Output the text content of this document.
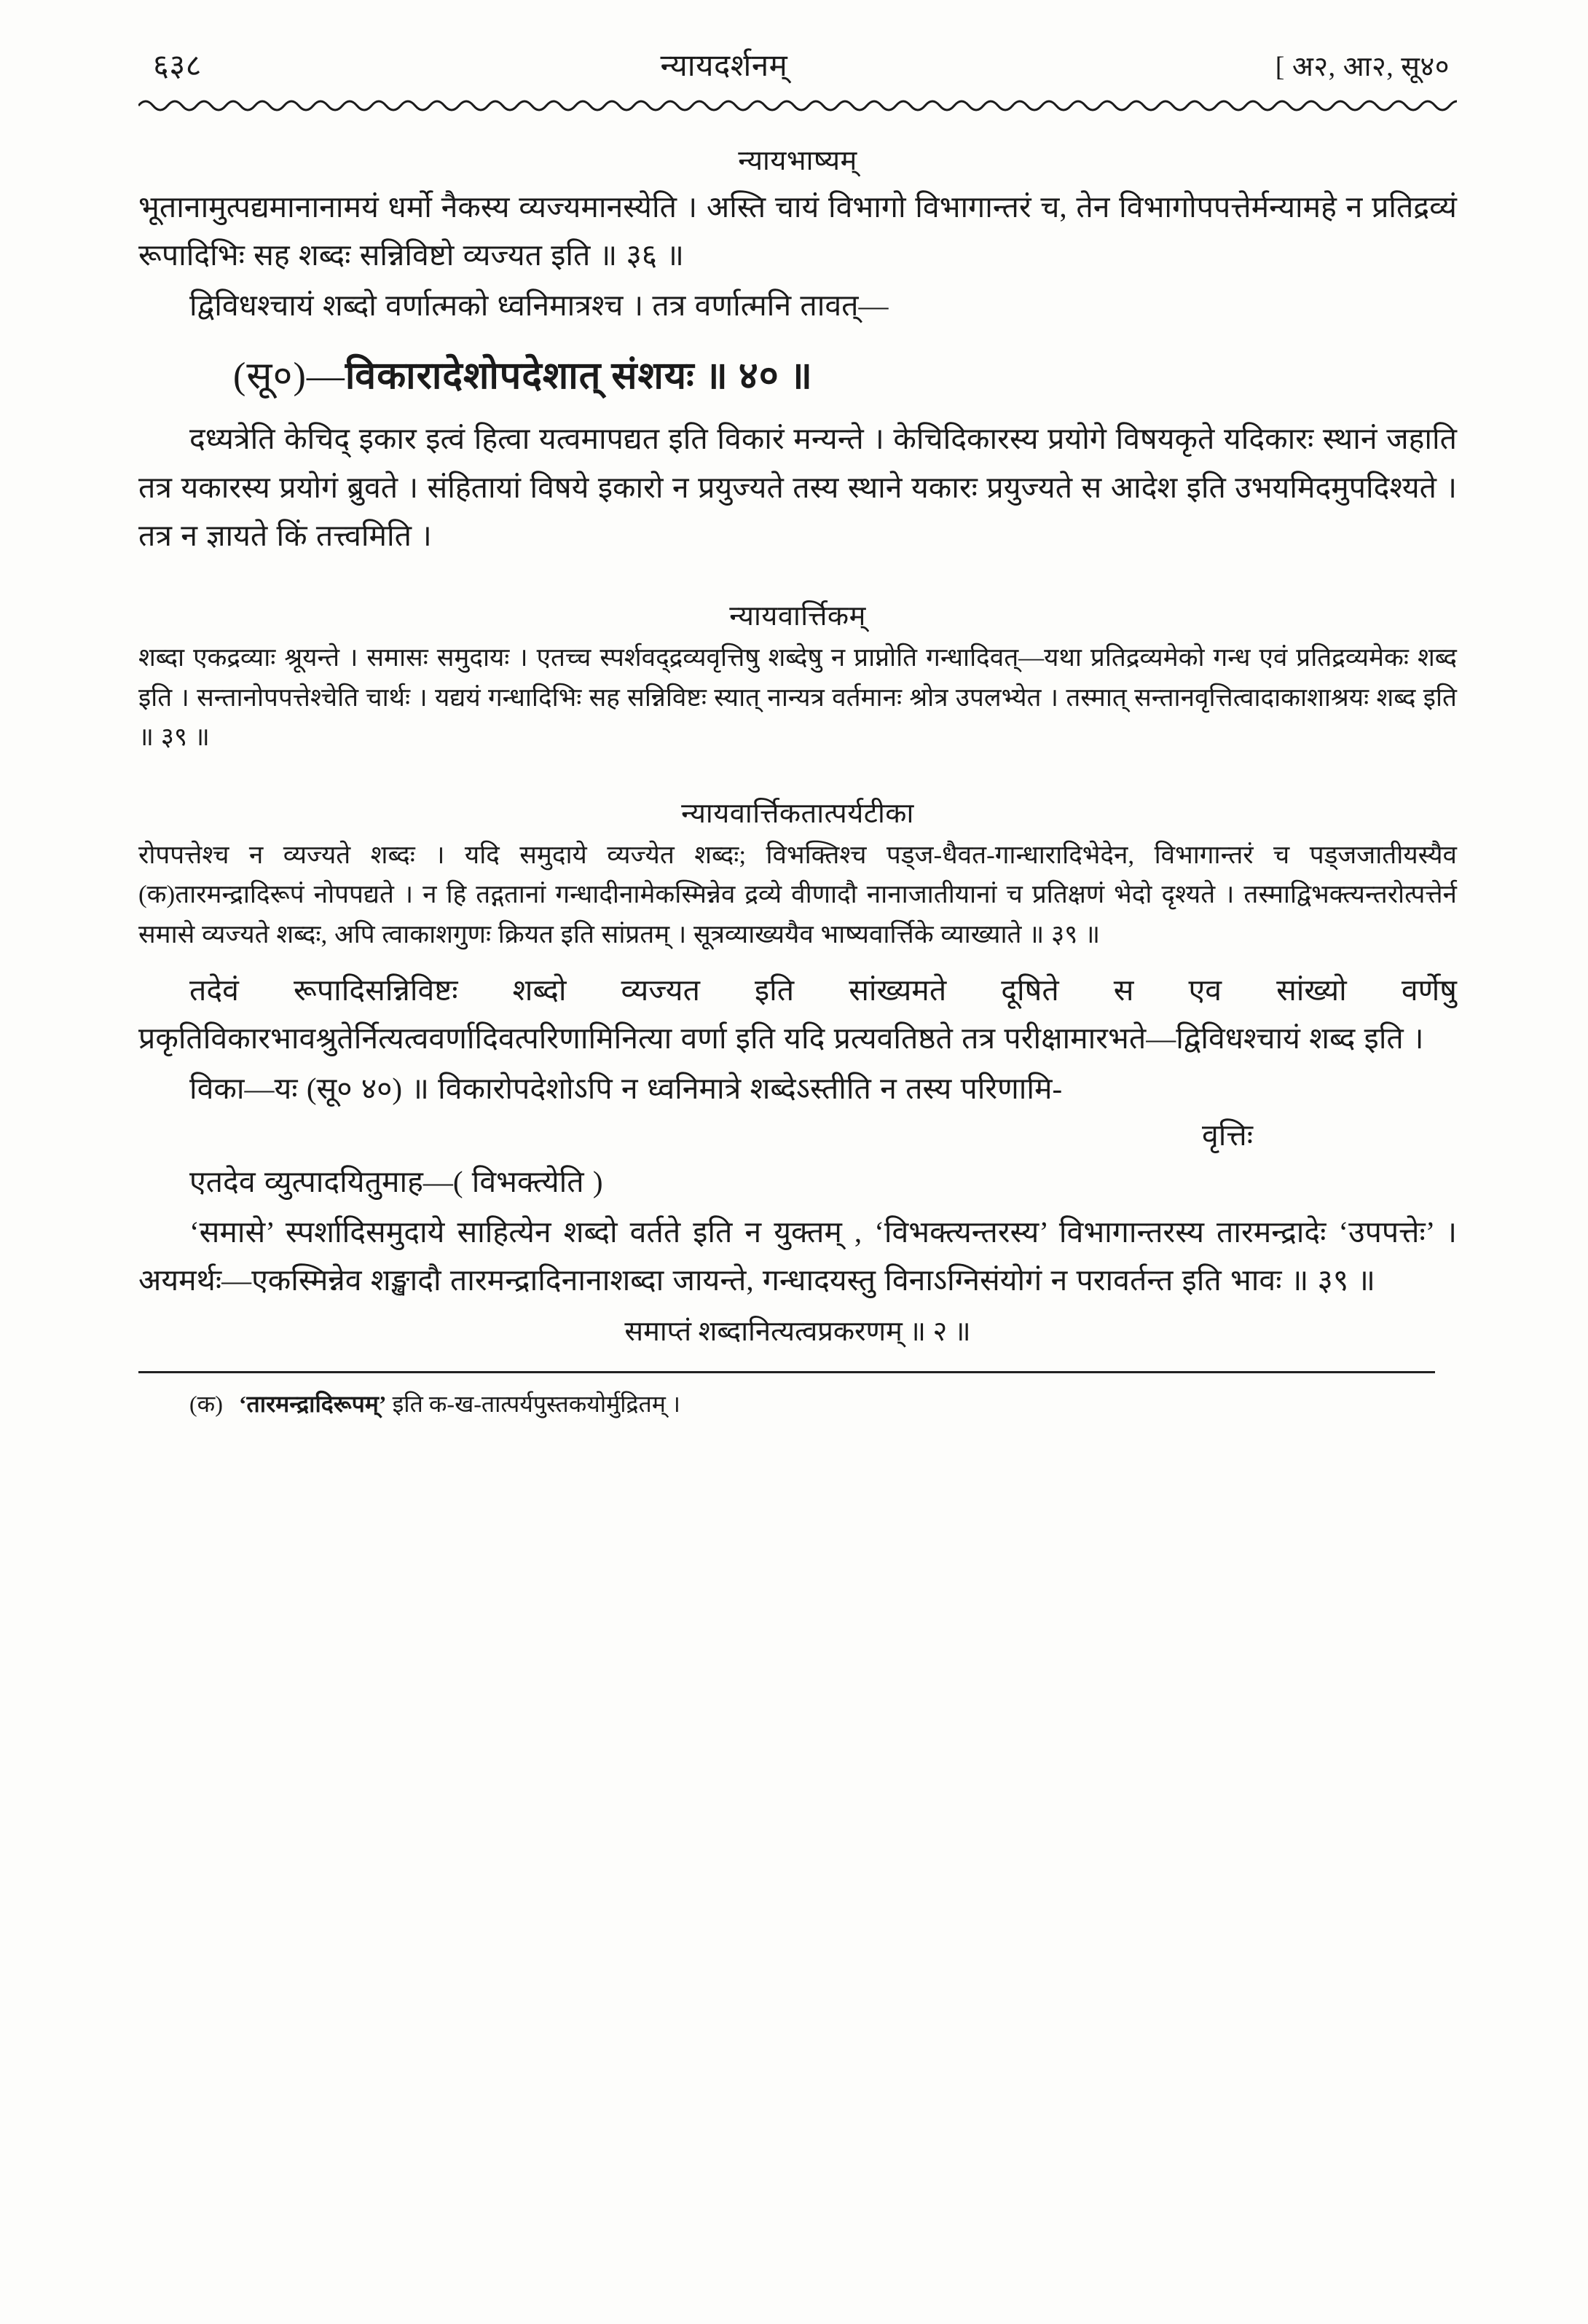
६३८	न्यायदर्शनम्	[ अ२, आ२, सू४०
न्यायभाष्यम्

भूतानामुत्पद्यमानानामयं धर्मो नैकस्य व्यज्यमानस्येति । अस्ति चायं विभागो विभागान्तरं च, तेन विभागोपपत्तेर्मन्यामहे न प्रतिद्रव्यं रूपादिभिः सह शब्दः सन्निविष्टो व्यज्यत इति ॥ ३६ ॥

द्विविधश्चायं शब्दो वर्णात्मको ध्वनिमात्रश्च । तत्र वर्णात्मनि तावत्—

(सू०)—विकारादेशोपदेशात् संशयः ॥ ४० ॥

दध्यत्रेति केचिद् इकार इत्वं हित्वा यत्वमापद्यत इति विकारं मन्यन्ते । केचिदिकारस्य प्रयोगे विषयकृते यदिकारः स्थानं जहाति तत्र यकारस्य प्रयोगं ब्रुवते । संहितायां विषये इकारो न प्रयुज्यते तस्य स्थाने यकारः प्रयुज्यते स आदेश इति उभयमिदमुपदिश्यते । तत्र न ज्ञायते किं तत्त्वमिति ।

न्यायवार्त्तिकम्

शब्दा एकद्रव्याः श्रूयन्ते । समासः समुदायः । एतच्च स्पर्शवद्द्रव्यवृत्तिषु शब्देषु न प्राप्नोति गन्धादिवत्—यथा प्रतिद्रव्यमेको गन्ध एवं प्रतिद्रव्यमेकः शब्द इति । सन्तानोपपत्तेश्चेति चार्थः । यद्ययं गन्धादिभिः सह सन्निविष्टः स्यात् नान्यत्र वर्तमानः श्रोत्र उपलभ्येत । तस्मात् सन्तानवृत्तित्वादाकाशाश्रयः शब्द इति ॥ ३९ ॥

न्यायवार्त्तिकतात्पर्यटीका

रोपपत्तेश्च न व्यज्यते शब्दः । यदि समुदाये व्यज्येत शब्दः; विभक्तिश्च पड्ज-धैवत-गान्धारादिभेदेन, विभागान्तरं च पड्जजातीयस्यैव (क)तारमन्द्रादिरूपं नोपपद्यते । न हि तद्गतानां गन्धादीनामेकस्मिन्नेव द्रव्ये वीणादौ नानाजातीयानां च प्रतिक्षणं भेदो दृश्यते । तस्माद्विभक्त्यन्तरोत्पत्तेर्न समासे व्यज्यते शब्दः, अपि त्वाकाशगुणः क्रियत इति सांप्रतम् । सूत्रव्याख्ययैव भाष्यवार्त्तिके व्याख्याते ॥ ३९ ॥

तदेवं रूपादिसन्निविष्टः शब्दो व्यज्यत इति सांख्यमते दूषिते स एव सांख्यो वर्णेषु प्रकृतिविकारभावश्रुतेर्नित्यत्ववर्णादिवत्परिणामिनित्या वर्णा इति यदि प्रत्यवतिष्ठते तत्र परीक्षामारभते—द्विविधश्चायं शब्द इति ।

विका—यः (सू० ४०) ॥ विकारोपदेशोऽपि न ध्वनिमात्रे शब्देऽस्तीति न तस्य परिणामि-

वृत्तिः

एतदेव व्युत्पादयितुमाह—( विभक्त्येति )

‘समासे’ स्पर्शादिसमुदाये साहित्येन शब्दो वर्तते इति न युक्तम् , ‘विभक्त्यन्तरस्य’ विभागान्तरस्य तारमन्द्रादेः ‘उपपत्तेः’ । अयमर्थः—एकस्मिन्नेव शङ्खादौ तारमन्द्रादिनानाशब्दा जायन्ते, गन्धादयस्तु विनाऽग्निसंयोगं न परावर्तन्त इति भावः ॥ ३९ ॥

समाप्तं शब्दानित्यत्वप्रकरणम् ॥ २ ॥

(क) ‘तारमन्द्रादिरूपम्’ इति क-ख-तात्पर्यपुस्तकयोर्मुद्रितम् ।
